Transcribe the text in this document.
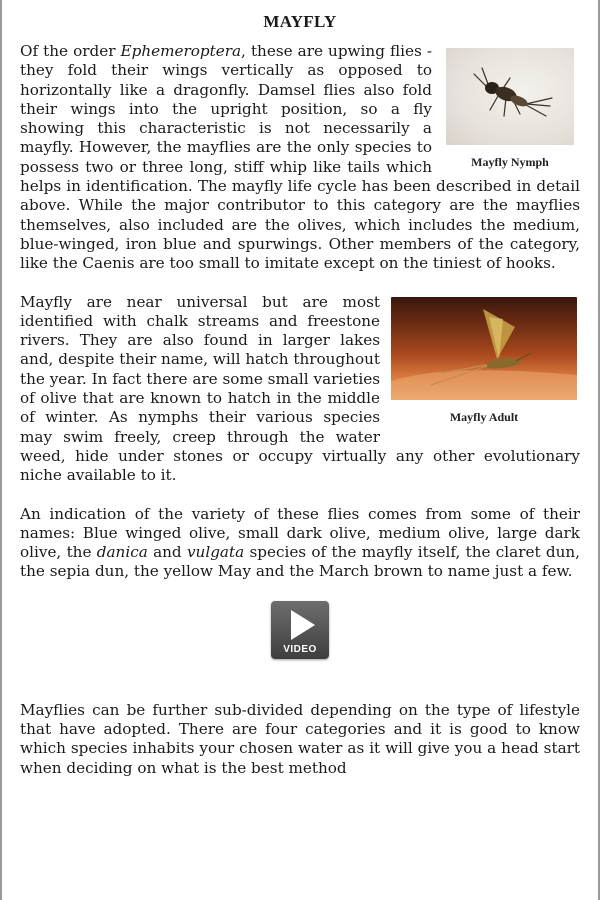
MAYFLY
Mayfly Nymph
Of the order Ephemeroptera, these are upwing flies - they fold their wings vertically as opposed to horizontally like a dragonfly. Damsel flies also fold their wings into the upright position, so a fly showing this characteristic is not necessarily a mayfly. However, the mayflies are the only species to possess two or three long, stiff whip like tails which helps in identification. The mayfly life cycle has been described in detail above. While the major contributor to this category are the mayflies themselves, also included are the olives, which includes the medium, blue-winged, iron blue and spurwings. Other members of the category, like the Caenis are too small to imitate except on the tiniest of hooks.
Mayfly Adult
Mayfly are near universal but are most identified with chalk streams and freestone rivers. They are also found in larger lakes and, despite their name, will hatch throughout the year. In fact there are some small varieties of olive that are known to hatch in the middle of winter. As nymphs their various species may swim freely, creep through the water weed, hide under stones or occupy virtually any other evolutionary niche available to it.
An indication of the variety of these flies comes from some of their names: Blue winged olive, small dark olive, medium olive, large dark olive, the danica and vulgata species of the mayfly itself, the claret dun, the sepia dun, the yellow May and the March brown to name just a few.
VIDEO
Mayflies can be further sub-divided depending on the type of lifestyle that have adopted. There are four categories and it is good to know which species inhabits your chosen water as it will give you a head start when deciding on what is the best method
